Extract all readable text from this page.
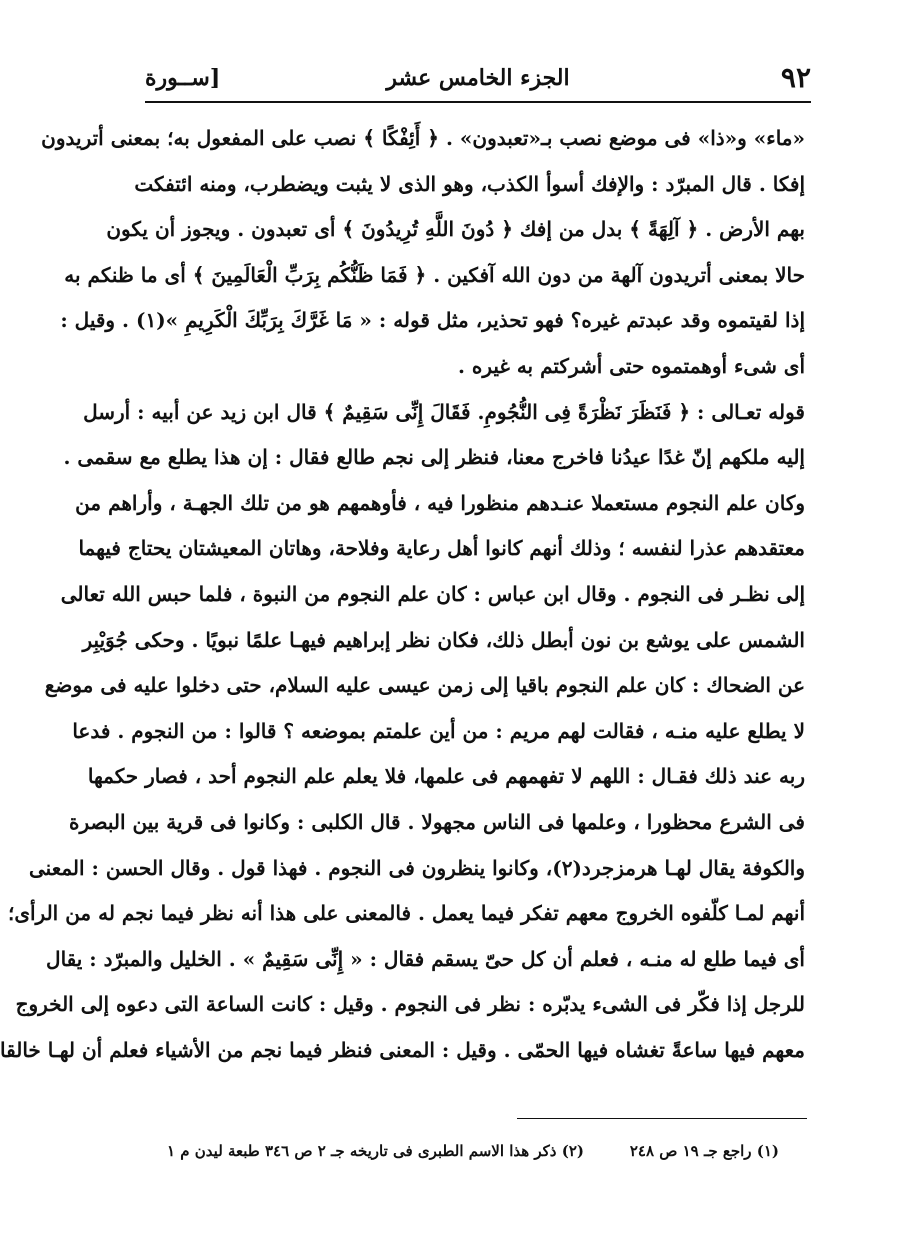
٩٢
الجزء الخامس عشر
[ســورة
«ماء» و«ذا» فى موضع نصب بـ«تعبدون» . ﴿ أَئِفْكًا ﴾ نصب على المفعول به؛ بمعنى أتريدون
إفكا . قال المبرّد : والإفك أسوأ الكذب، وهو الذى لا يثبت ويضطرب، ومنه ائتفكت
بهم الأرض . ﴿ آلِهَةً ﴾ بدل من إفك ﴿ دُونَ اللَّهِ تُرِيدُونَ ﴾ أى تعبدون . ويجوز أن يكون
حالا بمعنى أتريدون آلهة من دون الله آفكين . ﴿ فَمَا ظَنُّكُم بِرَبِّ الْعَالَمِينَ ﴾ أى ما ظنكم به
إذا لقيتموه وقد عبدتم غيره؟ فهو تحذير، مثل قوله : « مَا غَرَّكَ بِرَبِّكَ الْكَرِيمِ »(١) . وقيل :
أى شىء أوهمتموه حتى أشركتم به غيره .
قوله تعـالى : ﴿ فَنَظَرَ نَظْرَةً فِى النُّجُومِ. فَقَالَ إِنِّى سَقِيمٌ ﴾ قال ابن زيد عن أبيه : أرسل
إليه ملكهم إنّ غدًا عيدُنا فاخرج معنا، فنظر إلى نجم طالع فقال : إن هذا يطلع مع سقمى .
وكان علم النجوم مستعملا عنـدهم منظورا فيه ، فأوهمهم هو من تلك الجهـة ، وأراهم من
معتقدهم عذرا لنفسه ؛ وذلك أنهم كانوا أهل رعاية وفلاحة، وهاتان المعيشتان يحتاج فيهما
إلى نظـر فى النجوم . وقال ابن عباس : كان علم النجوم من النبوة ، فلما حبس الله تعالى
الشمس على يوشع بن نون أبطل ذلك، فكان نظر إبراهيم فيهـا علمًا نبويًا . وحكى جُوَيْبِر
عن الضحاك : كان علم النجوم باقيا إلى زمن عيسى عليه السلام، حتى دخلوا عليه فى موضع
لا يطلع عليه منـه ، فقالت لهم مريم : من أين علمتم بموضعه ؟ قالوا : من النجوم . فدعا
ربه عند ذلك فقـال : اللهم لا تفهمهم فى علمها، فلا يعلم علم النجوم أحد ، فصار حكمها
فى الشرع محظورا ، وعلمها فى الناس مجهولا . قال الكلبى : وكانوا فى قرية بين البصرة
والكوفة يقال لهـا هرمزجرد(٢)، وكانوا ينظرون فى النجوم . فهذا قول . وقال الحسن : المعنى
أنهم لمـا كلّفوه الخروج معهم تفكر فيما يعمل . فالمعنى على هذا أنه نظر فيما نجم له من الرأى؛
أى فيما طلع له منـه ، فعلم أن كل حىّ يسقم فقال : « إِنِّى سَقِيمٌ » . الخليل والمبرّد : يقال
للرجل إذا فكّر فى الشىء يدبّره : نظر فى النجوم . وقيل : كانت الساعة التى دعوه إلى الخروج
معهم فيها ساعةً تغشاه فيها الحمّى . وقيل : المعنى فنظر فيما نجم من الأشياء فعلم أن لهـا خالقا
(١) راجع جـ ١٩ ص ٢٤٨
(٢) ذكر هذا الاسم الطبرى فى تاريخه جـ ٢ ص ٣٤٦ طبعة ليدن م ١
